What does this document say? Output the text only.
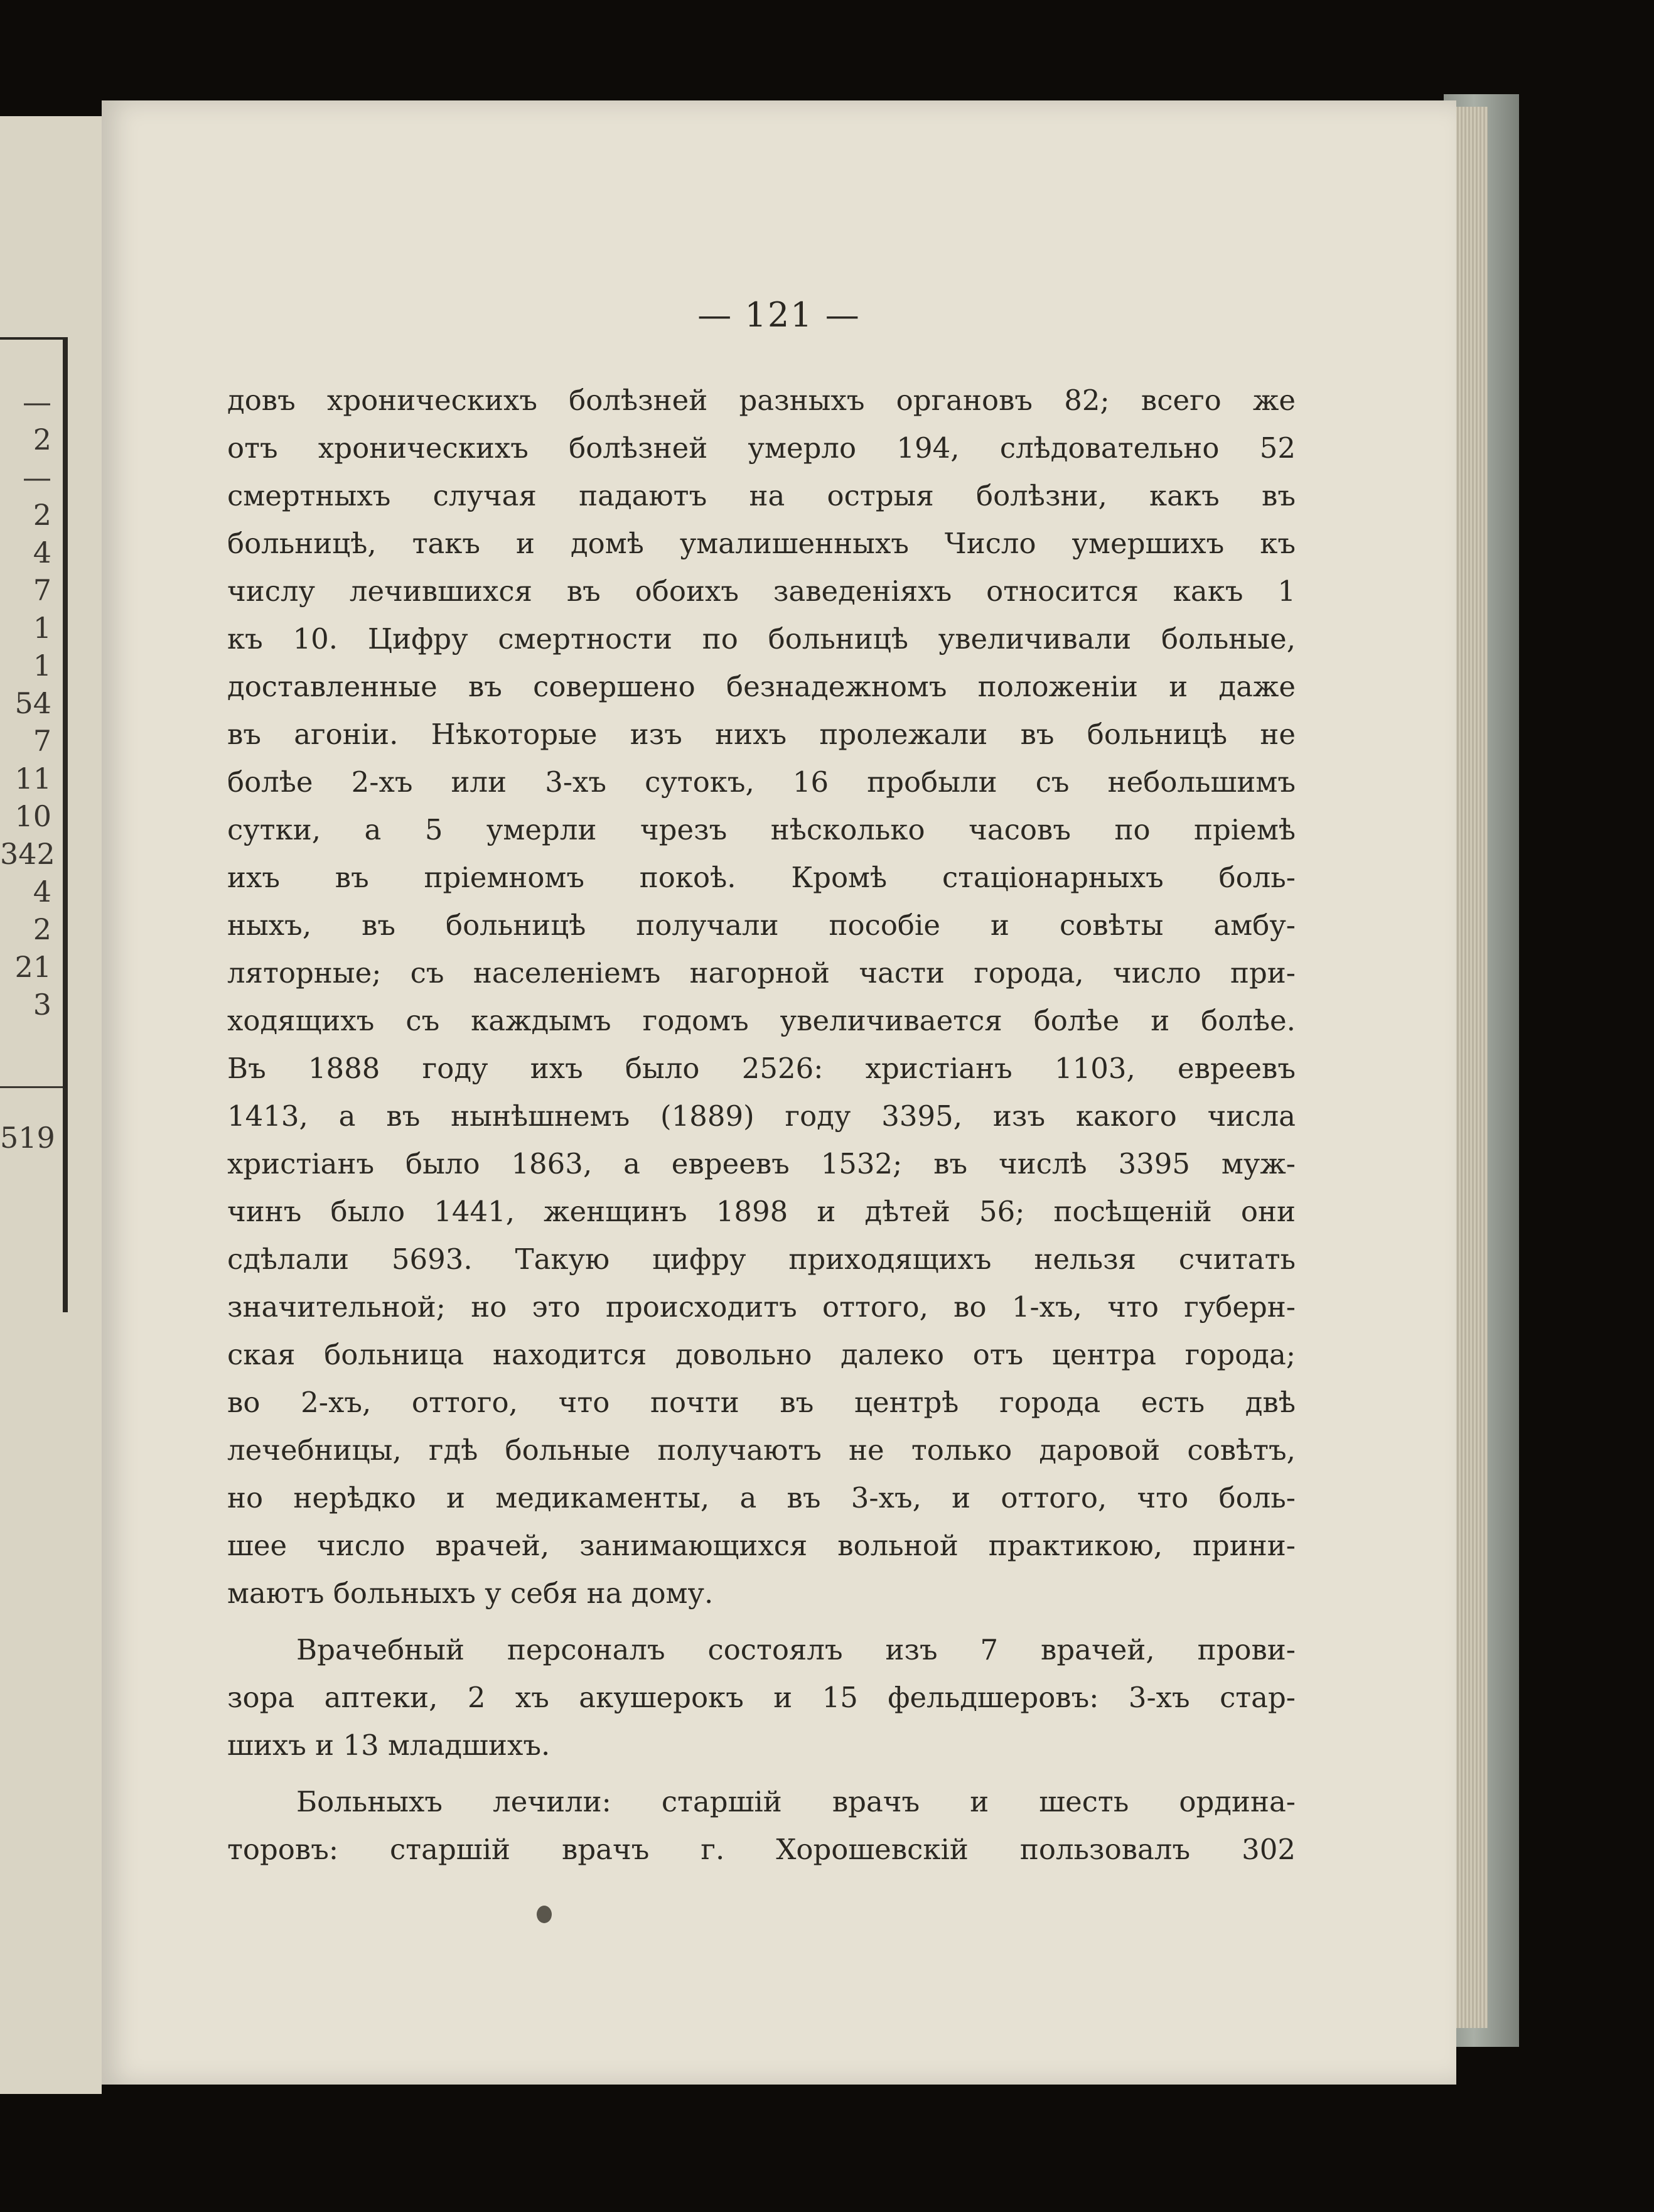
—
2
—
2
4
7
1
1
54
7
11
10
342
4
2
21
3
519
— 121 —
довъ хроническихъ болѣзней разныхъ органовъ 82; всего же
отъ хроническихъ болѣзней умерло 194, слѣдовательно 52
смертныхъ случая падаютъ на острыя болѣзни, какъ въ
больницѣ, такъ и домѣ умалишенныхъ Число умершихъ къ
числу лечившихся въ обоихъ заведеніяхъ относится какъ 1
къ 10. Цифру смертности по больницѣ увеличивали больные,
доставленные въ совершено безнадежномъ положеніи и даже
въ агоніи. Нѣкоторые изъ нихъ пролежали въ больницѣ не
болѣе 2-хъ или 3-хъ сутокъ, 16 пробыли съ небольшимъ
сутки, а 5 умерли чрезъ нѣсколько часовъ по пріемѣ
ихъ въ пріемномъ покоѣ. Кромѣ стаціонарныхъ боль-
ныхъ, въ больницѣ получали пособіе и совѣты амбу-
ляторные; съ населеніемъ нагорной части города, число при-
ходящихъ съ каждымъ годомъ увеличивается болѣе и болѣе.
Въ 1888 году ихъ было 2526: христіанъ 1103, евреевъ
1413, а въ нынѣшнемъ (1889) году 3395, изъ какого числа
христіанъ было 1863, а евреевъ 1532; въ числѣ 3395 муж-
чинъ было 1441, женщинъ 1898 и дѣтей 56; посѣщеній они
сдѣлали 5693. Такую цифру приходящихъ нельзя считать
значительной; но это происходитъ оттого, во 1-хъ, что губерн-
ская больница находится довольно далеко отъ центра города;
во 2-хъ, оттого, что почти въ центрѣ города есть двѣ
лечебницы, гдѣ больные получаютъ не только даровой совѣтъ,
но нерѣдко и медикаменты, а въ 3-хъ, и оттого, что боль-
шее число врачей, занимающихся вольной практикою, прини-
маютъ больныхъ у себя на дому.
Врачебный персоналъ состоялъ изъ 7 врачей, прови-
зора аптеки, 2 хъ акушерокъ и 15 фельдшеровъ: 3-хъ стар-
шихъ и 13 младшихъ.
Больныхъ лечили: старшій врачъ и шесть ордина-
торовъ: старшій врачъ г. Хорошевскій пользовалъ 302
